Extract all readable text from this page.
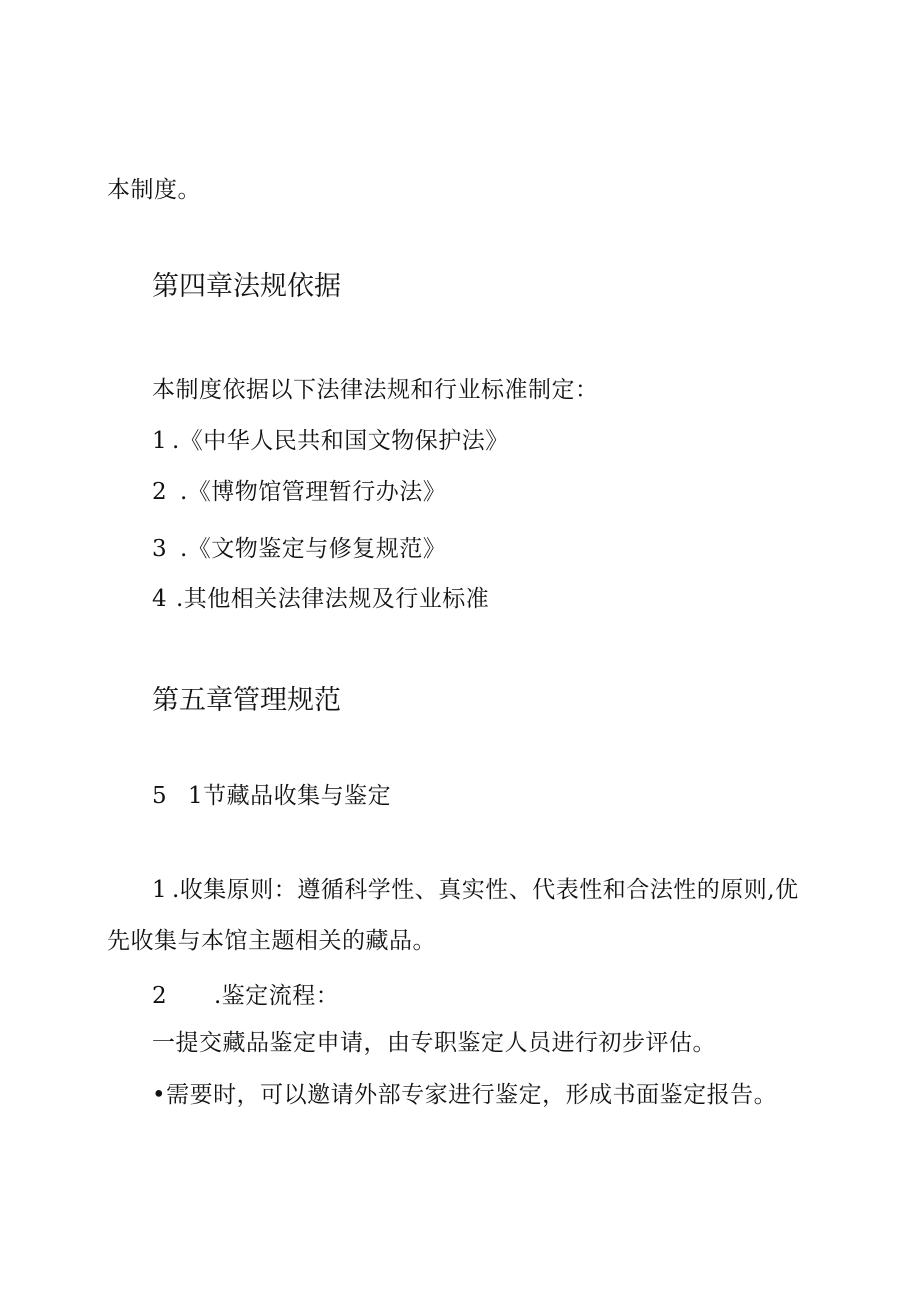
本制度。
第四章法规依据
本制度依据以下法律法规和行业标准制定：
1 .《中华人民共和国文物保护法》
2 .《博物馆管理暂行办法》
3 .《文物鉴定与修复规范》
4 .其他相关法律法规及行业标准
第五章管理规范
5 1节藏品收集与鉴定
1 .收集原则：遵循科学性、真实性、代表性和合法性的原则,优
先收集与本馆主题相关的藏品。
2 .鉴定流程：
一提交藏品鉴定申请，由专职鉴定人员进行初步评估。
•需要时，可以邀请外部专家进行鉴定，形成书面鉴定报告。
